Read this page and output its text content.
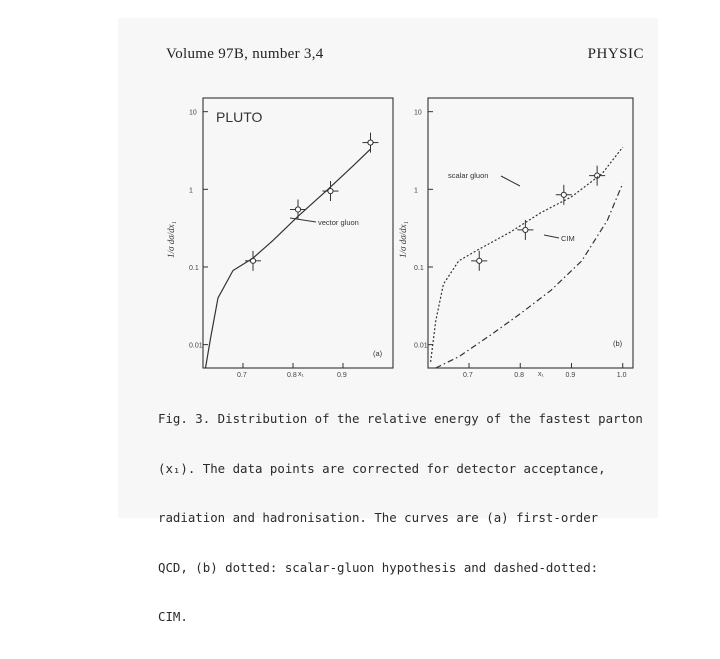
Volume 97B, number 3,4	PHYSIC
PLUTO
(a)
1/σ dσ/dx₁
x₁
vector gluon
10
1
0.1
0.01
0.7	0.8	0.9
(b)
1/σ dσ/dx₁
x₁
scalar gluon
CIM
10
1
0.1
0.01
0.7	0.8	0.9	1.0

Fig. 3. Distribution of the relative energy of the fastest parton

(x₁). The data points are corrected for detector acceptance,

radiation and hadronisation. The curves are (a) first-order

QCD, (b) dotted: scalar-gluon hypothesis and dashed-dotted:

CIM.
